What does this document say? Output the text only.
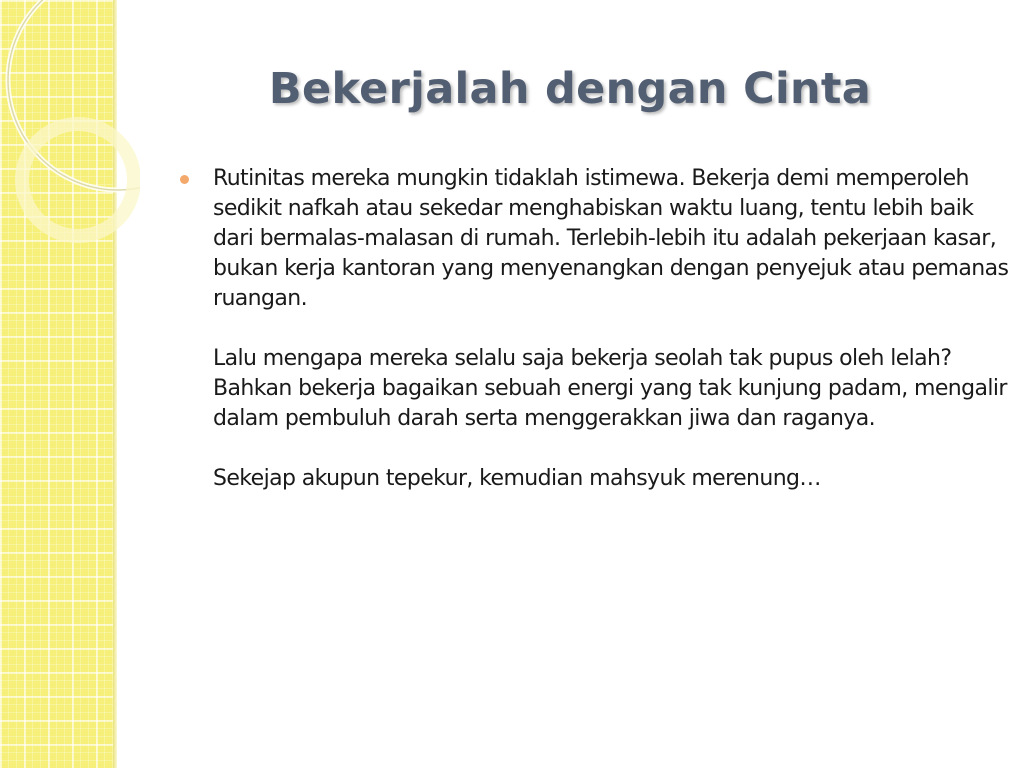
Bekerjalah dengan Cinta

Rutinitas mereka mungkin tidaklah istimewa. Bekerja demi memperoleh sedikit nafkah atau sekedar menghabiskan waktu luang, tentu lebih baik dari bermalas-malasan di rumah. Terlebih-lebih itu adalah pekerjaan kasar, bukan kerja kantoran yang menyenangkan dengan penyejuk atau pemanas ruangan.

Lalu mengapa mereka selalu saja bekerja seolah tak pupus oleh lelah? Bahkan bekerja bagaikan sebuah energi yang tak kunjung padam, mengalir dalam pembuluh darah serta menggerakkan jiwa dan raganya.

Sekejap akupun tepekur, kemudian mahsyuk merenung…
